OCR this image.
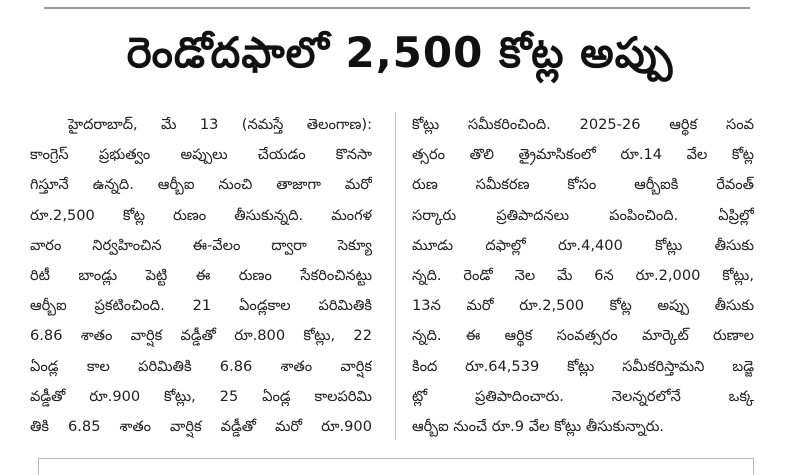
రెండోదఫాలో 2,500 కోట్ల అప్పు
హైదరాబాద్, మే 13 (నమస్తే తెలంగాణ):
కాంగ్రెస్ ప్రభుత్వం అప్పులు చేయడం కొనసా
గిస్తూనే ఉన్నది. ఆర్బీఐ నుంచి తాజాగా మరో
రూ.2,500 కోట్ల రుణం తీసుకున్నది. మంగళ
వారం నిర్వహించిన ఈ-వేలం ద్వారా సెక్యూ
రిటీ బాండ్లు పెట్టి ఈ రుణం సేకరించినట్టు
ఆర్బీఐ ప్రకటించింది. 21 ఏండ్లకాల పరిమితికి
6.86 శాతం వార్షిక వడ్డీతో రూ.800 కోట్లు, 22
ఏండ్ల కాల పరిమితికి 6.86 శాతం వార్షిక
వడ్డీతో రూ.900 కోట్లు, 25 ఏండ్ల కాలపరిమి
తికి 6.85 శాతం వార్షిక వడ్డీతో మరో రూ.900
కోట్లు సమీకరించింది. 2025-26 ఆర్థిక సంవ
త్సరం తొలి త్రైమాసికంలో రూ.14 వేల కోట్ల
రుణ సమీకరణ కోసం ఆర్బీఐకి రేవంత్
సర్కారు ప్రతిపాదనలు పంపించింది. ఏప్రిల్లో
మూడు దఫాల్లో రూ.4,400 కోట్లు తీసుకు
న్నది. రెండో నెల మే 6న రూ.2,000 కోట్లు,
13న మరో రూ.2,500 కోట్ల అప్పు తీసుకు
న్నది. ఈ ఆర్థిక సంవత్సరం మార్కెట్ రుణాల
కింద రూ.64,539 కోట్లు సమీకరిస్తామని బడ్జె
ట్లో ప్రతిపాదించారు. నెలన్నరలోనే ఒక్క
ఆర్బీఐ నుంచే రూ.9 వేల కోట్లు తీసుకున్నారు.
